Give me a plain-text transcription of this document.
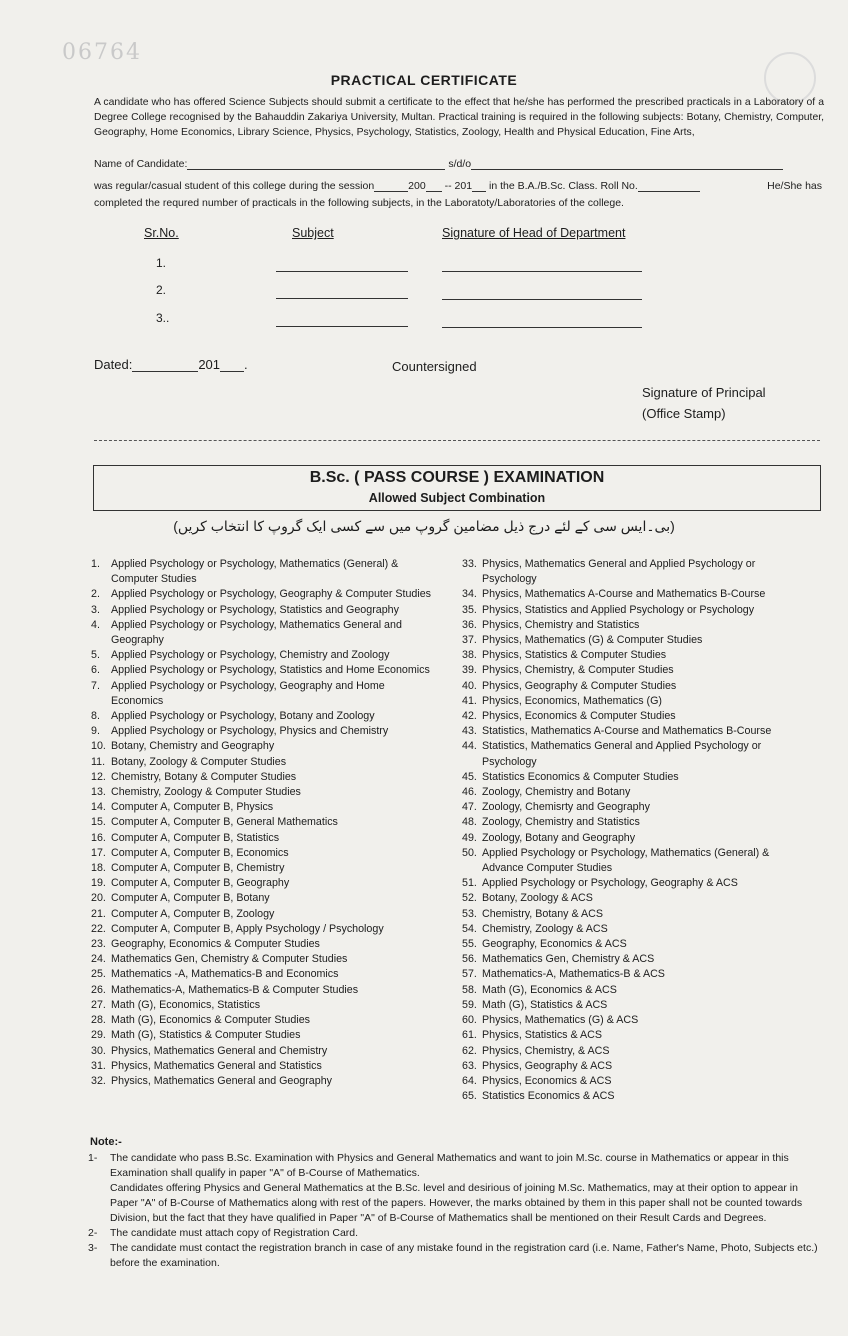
06764
PRACTICAL CERTIFICATE
A candidate who has offered Science Subjects should submit a certificate to the effect that he/she has performed the prescribed practicals in a Laboratory of a Degree College recognised by the Bahauddin Zakariya University, Multan. Practical training is required in the following subjects: Botany, Chemistry, Computer, Geography, Home Economics, Library Science, Physics, Psychology, Statistics, Zoology, Health and Physical Education, Fine Arts,
Name of Candidate:	s/d/o
was regular/casual student of this college during the session	200 -- 201 in the B.A./B.Sc. Class. Roll No.	He/She has
completed the requred number of practicals in the following subjects, in the Laboratoty/Laboratories of the college.
Sr.No.	Subject	Signature of Head of Department
1.
2.
3..
Dated:	201 .	Countersigned
Signature of Principal
(Office Stamp)
B.Sc. ( PASS COURSE ) EXAMINATION
Allowed Subject Combination
(بی۔ایس سی کے لئے درج ذیل مضامین گروپ میں سے کسی ایک گروپ کا انتخاب کریں)
1.	Applied Psychology or Psychology, Mathematics (General) & Computer Studies
2.	Applied Psychology or Psychology, Geography & Computer Studies
3.	Applied Psychology or Psychology, Statistics and Geography
4.	Applied Psychology or Psychology, Mathematics General and Geography
5.	Applied Psychology or Psychology, Chemistry and Zoology
6.	Applied Psychology or Psychology, Statistics and Home Economics
7.	Applied Psychology or Psychology, Geography and Home Economics
8.	Applied Psychology or Psychology, Botany and Zoology
9.	Applied Psychology or Psychology, Physics and Chemistry
10. Botany, Chemistry and Geography
11. Botany, Zoology & Computer Studies
12. Chemistry, Botany & Computer Studies
13. Chemistry, Zoology & Computer Studies
14. Computer A, Computer B, Physics
15. Computer A, Computer B, General Mathematics
16. Computer A, Computer B, Statistics
17. Computer A, Computer B, Economics
18. Computer A, Computer B, Chemistry
19. Computer A, Computer B, Geography
20. Computer A, Computer B, Botany
21. Computer A, Computer B, Zoology
22. Computer A, Computer B, Apply Psychology / Psychology
23. Geography, Economics & Computer Studies
24. Mathematics Gen, Chemistry & Computer Studies
25. Mathematics -A, Mathematics-B and Economics
26. Mathematics-A, Mathematics-B & Computer Studies
27. Math (G), Economics, Statistics
28. Math (G), Economics & Computer Studies
29. Math (G), Statistics & Computer Studies
30. Physics, Mathematics General and Chemistry
31. Physics, Mathematics General and Statistics
32. Physics, Mathematics General and Geography
33. Physics, Mathematics General and Applied Psychology or Psychology
34. Physics, Mathematics A-Course and Mathematics B-Course
35. Physics, Statistics and Applied Psychology or Psychology
36. Physics, Chemistry and Statistics
37. Physics, Mathematics (G) & Computer Studies
38. Physics, Statistics & Computer Studies
39. Physics, Chemistry, & Computer Studies
40. Physics, Geography & Computer Studies
41. Physics, Economics, Mathematics (G)
42. Physics, Economics & Computer Studies
43. Statistics, Mathematics A-Course and Mathematics B-Course
44. Statistics, Mathematics General and Applied Psychology or Psychology
45. Statistics Economics & Computer Studies
46. Zoology, Chemistry and Botany
47. Zoology, Chemisrty and Geography
48. Zoology, Chemistry and Statistics
49. Zoology, Botany and Geography
50. Applied Psychology or Psychology, Mathematics (General) & Advance Computer Studies
51. Applied Psychology or Psychology, Geography & ACS
52. Botany, Zoology & ACS
53. Chemistry, Botany & ACS
54. Chemistry, Zoology & ACS
55. Geography, Economics & ACS
56. Mathematics Gen, Chemistry & ACS
57. Mathematics-A, Mathematics-B & ACS
58. Math (G), Economics & ACS
59. Math (G), Statistics & ACS
60. Physics, Mathematics (G) & ACS
61. Physics, Statistics & ACS
62. Physics, Chemistry, & ACS
63. Physics, Geography & ACS
64. Physics, Economics & ACS
65. Statistics Economics & ACS
Note:-
1-	The candidate who pass B.Sc. Examination with Physics and General Mathematics and want to join M.Sc. course in Mathematics or appear in this Examination shall qualify in paper "A" of B-Course of Mathematics.

Candidates offering Physics and General Mathematics at the B.Sc. level and desirious of joining M.Sc. Mathematics, may at their option to appear in Paper "A" of B-Course of Mathematics along with rest of the papers. However, the marks obtained by them in this paper shall not be counted towards Division, but the fact that they have qualified in Paper "A" of B-Course of Mathematics shall be mentioned on their Result Cards and Degrees.

2-	The candidate must attach copy of Registration Card.

3-	The candidate must contact the registration branch in case of any mistake found in the registration card (i.e. Name, Father's Name, Photo, Subjects etc.) before the examination.
